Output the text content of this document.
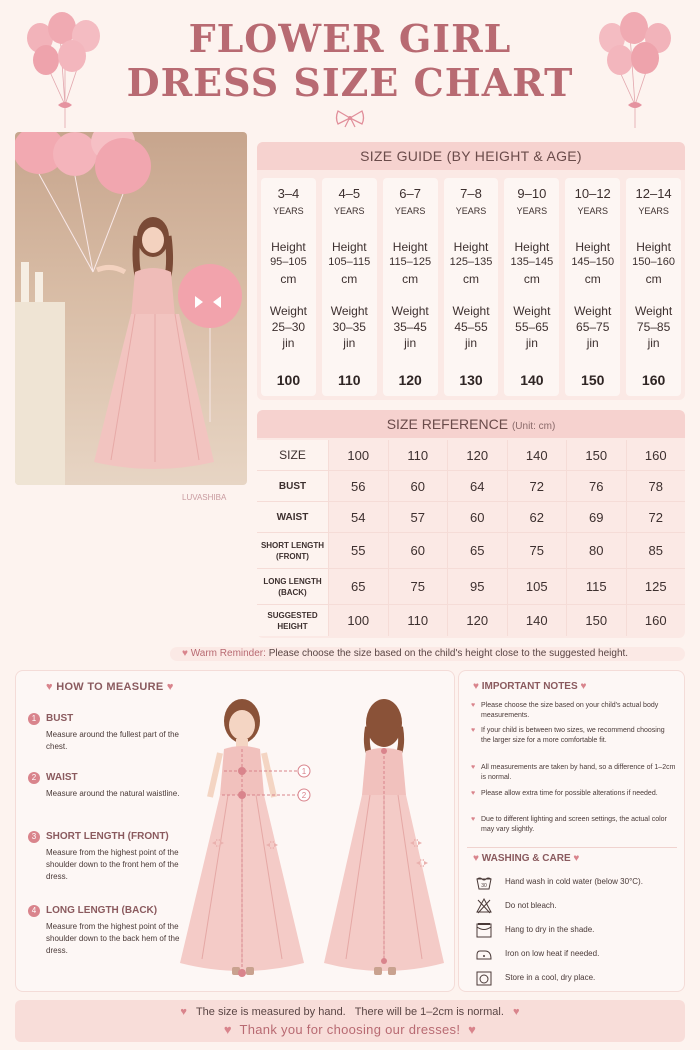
FLOWER GIRL
DRESS SIZE CHART
LUVASHIBA
SIZE GUIDE (BY HEIGHT & AGE)
3–4
YEARS
Height
95–105
cm
Weight
25–30
jin
100
4–5
YEARS
Height
105–115
cm
Weight
30–35
jin
110
6–7
YEARS
Height
115–125
cm
Weight
35–45
jin
120
7–8
YEARS
Height
125–135
cm
Weight
45–55
jin
130
9–10
YEARS
Height
135–145
cm
Weight
55–65
jin
140
10–12
YEARS
Height
145–150
cm
Weight
65–75
jin
150
12–14
YEARS
Height
150–160
cm
Weight
75–85
jin
160
SIZE REFERENCE (Unit: cm)
SIZE	100	110	120	140	150	160
BUST	56	60	64	72	76	78
WAIST	54	57	60	62	69	72
SHORT LENGTH (FRONT)	55	60	65	75	80	85
LONG LENGTH (BACK)	65	75	95	105	115	125
SUGGESTED HEIGHT	100	110	120	140	150	160
♥ Warm Reminder: Please choose the size based on the child's height close to the suggested height.
♥ HOW TO MEASURE ♥
1 BUST
Measure around the fullest part of the chest.
2 WAIST
Measure around the natural waistline.
3 SHORT LENGTH (FRONT)
Measure from the highest point of the shoulder down to the front hem of the dress.
4 LONG LENGTH (BACK)
Measure from the highest point of the shoulder down to the back hem of the dress.
1
2
♥ IMPORTANT NOTES ♥
♥ Please choose the size based on your child's actual body measurements.
♥ If your child is between two sizes, we recommend choosing the larger size for a more comfortable fit.
♥ All measurements are taken by hand, so a difference of 1–2cm is normal.
♥ Please allow extra time for possible alterations if needed.
♥ Due to different lighting and screen settings, the actual color may vary slightly.
♥ WASHING & CARE ♥
30 Hand wash in cold water (below 30°C).
Do not bleach.
Hang to dry in the shade.
Iron on low heat if needed.
Store in a cool, dry place.
♥ The size is measured by hand.   There will be 1–2cm is normal. ♥
♥ Thank you for choosing our dresses! ♥
